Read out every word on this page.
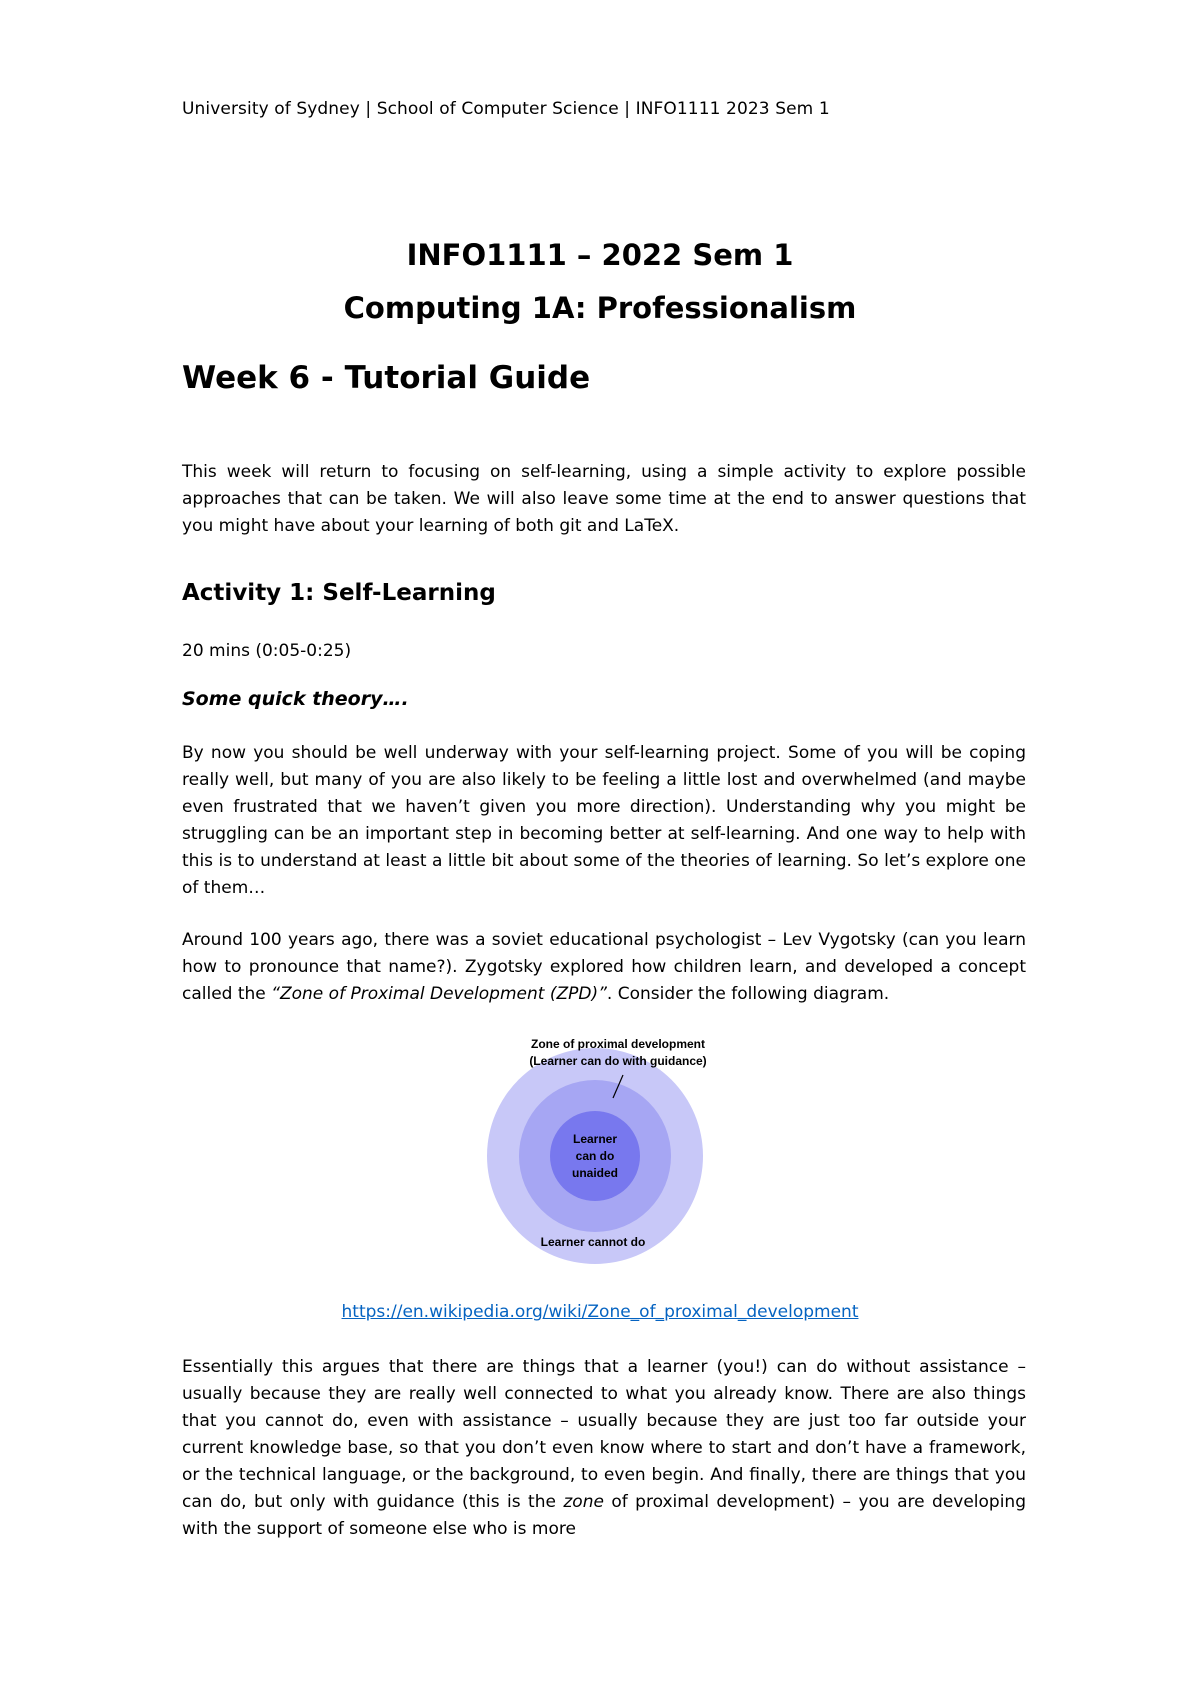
University of Sydney | School of Computer Science | INFO1111 2023 Sem 1
INFO1111 – 2022 Sem 1
Computing 1A: Professionalism
Week 6 - Tutorial Guide
This week will return to focusing on self-learning, using a simple activity to explore possible approaches that can be taken. We will also leave some time at the end to answer questions that you might have about your learning of both git and LaTeX.
Activity 1: Self-Learning
20 mins (0:05-0:25)
Some quick theory….
By now you should be well underway with your self-learning project. Some of you will be coping really well, but many of you are also likely to be feeling a little lost and overwhelmed (and maybe even frustrated that we haven’t given you more direction). Understanding why you might be struggling can be an important step in becoming better at self-learning. And one way to help with this is to understand at least a little bit about some of the theories of learning. So let’s explore one of them…
Around 100 years ago, there was a soviet educational psychologist – Lev Vygotsky (can you learn how to pronounce that name?). Zygotsky explored how children learn, and developed a concept called the “Zone of Proximal Development (ZPD)”. Consider the following diagram.
Zone of proximal development
(Learner can do with guidance)
Learner
can do
unaided
Learner cannot do
https://en.wikipedia.org/wiki/Zone_of_proximal_development
Essentially this argues that there are things that a learner (you!) can do without assistance – usually because they are really well connected to what you already know. There are also things that you cannot do, even with assistance – usually because they are just too far outside your current knowledge base, so that you don’t even know where to start and don’t have a framework, or the technical language, or the background, to even begin. And finally, there are things that you can do, but only with guidance (this is the zone of proximal development) – you are developing with the support of someone else who is more
